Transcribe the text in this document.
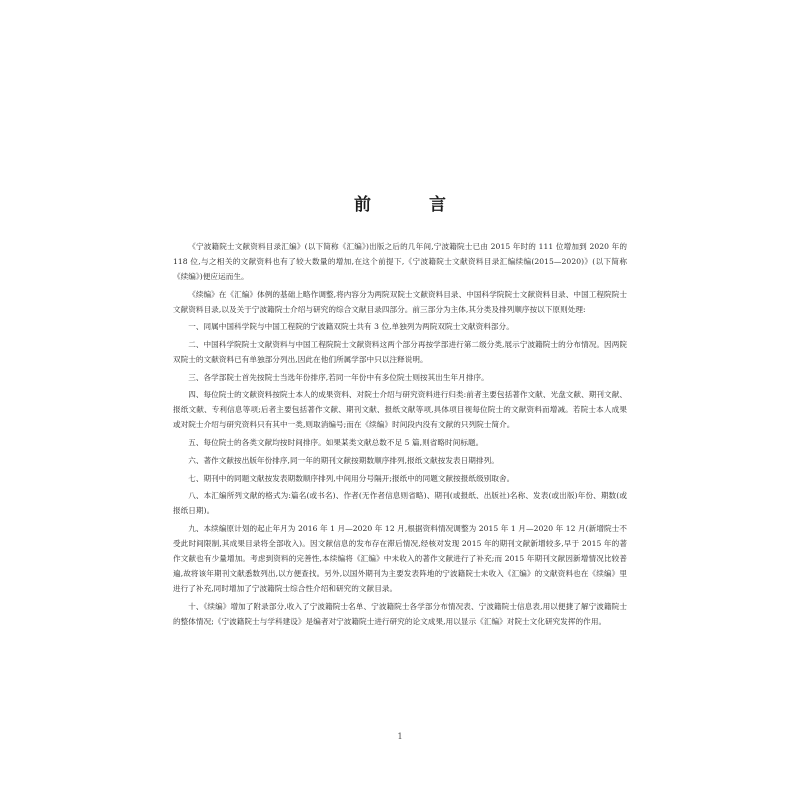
前 言

《宁波籍院士文献资料目录汇编》(以下简称《汇编》)出版之后的几年间,宁波籍院士已由 2015 年时的 111 位增加到 2020 年的 118 位,与之相关的文献资料也有了较大数量的增加,在这个前提下,《宁波籍院士文献资料目录汇编续编(2015—2020)》(以下简称《续编》)便应运而生。

《续编》在《汇编》体例的基础上略作调整,将内容分为两院双院士文献资料目录、中国科学院院士文献资料目录、中国工程院院士文献资料目录,以及关于宁波籍院士介绍与研究的综合文献目录四部分。前三部分为主体,其分类及排列顺序按以下原则处理:

一、同属中国科学院与中国工程院的宁波籍双院士共有 3 位,单独列为两院双院士文献资料部分。

二、中国科学院院士文献资料与中国工程院院士文献资料这两个部分再按学部进行第二级分类,展示宁波籍院士的分布情况。因两院双院士的文献资料已有单独部分列出,因此在他们所属学部中只以注释说明。

三、各学部院士首先按院士当选年份排序,若同一年份中有多位院士则按其出生年月排序。

四、每位院士的文献资料按院士本人的成果资料、对院士介绍与研究资料进行归类:前者主要包括著作文献、光盘文献、期刊文献、报纸文献、专利信息等项;后者主要包括著作文献、期刊文献、报纸文献等项,具体项目视每位院士的文献资料而增减。若院士本人成果或对院士介绍与研究资料只有其中一类,则取消编号;而在《续编》时间段内没有文献的只列院士简介。

五、每位院士的各类文献均按时间排序。如果某类文献总数不足 5 篇,则省略时间标题。

六、著作文献按出版年份排序,同一年的期刊文献按期数顺序排列,报纸文献按发表日期排列。

七、期刊中的同题文献按发表期数顺序排列,中间用分号隔开;报纸中的同题文献按报纸级别取舍。

八、本汇编所列文献的格式为:篇名(或书名)、作者(无作者信息则省略)、期刊(或报纸、出版社)名称、发表(或出版)年份、期数(或报纸日期)。

九、本续编原计划的起止年月为 2016 年 1 月—2020 年 12 月,根据资料情况调整为 2015 年 1 月—2020 年 12 月(新增院士不受此时间限制,其成果目录将全部收入)。因文献信息的发布存在滞后情况,经核对发现 2015 年的期刊文献新增较多,早于 2015 年的著作文献也有少量增加。考虑到资料的完善性,本续编将《汇编》中未收入的著作文献进行了补充;而 2015 年期刊文献因新增情况比较普遍,故将该年期刊文献悉数列出,以方便查找。另外,以国外期刊为主要发表阵地的宁波籍院士未收入《汇编》的文献资料也在《续编》里进行了补充,同时增加了宁波籍院士综合性介绍和研究的文献目录。

十、《续编》增加了附录部分,收入了宁波籍院士名单、宁波籍院士各学部分布情况表、宁波籍院士信息表,用以便捷了解宁波籍院士的整体情况;《宁波籍院士与学科建设》是编者对宁波籍院士进行研究的论文成果,用以显示《汇编》对院士文化研究发挥的作用。

1
